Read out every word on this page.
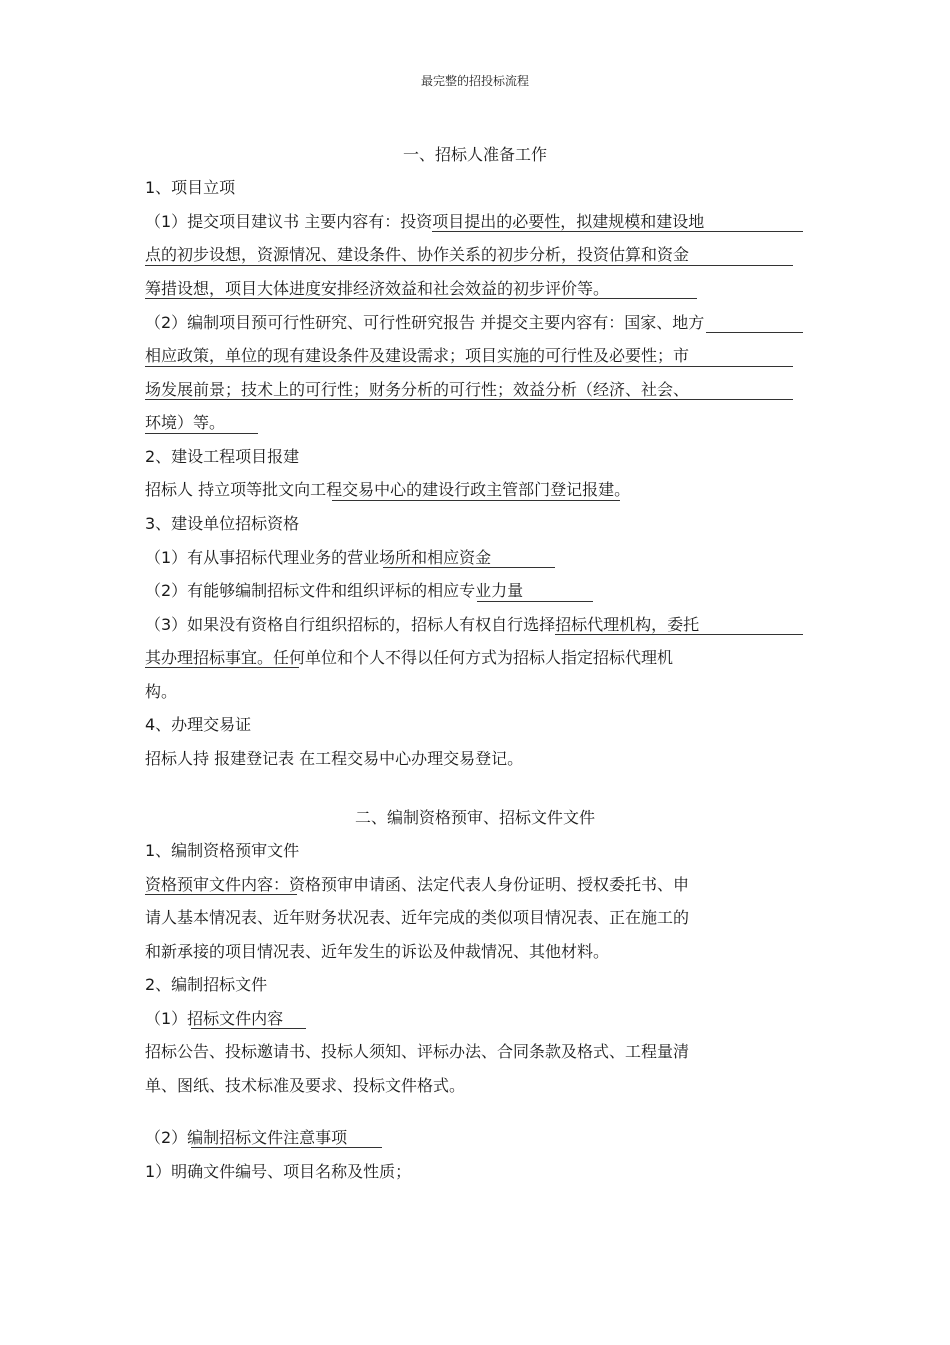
最完整的招投标流程
一、招标人准备工作
1、项目立项
（1）提交项目建议书 主要内容有：投资项目提出的必要性，拟建规模和建设地
点的初步设想，资源情况、建设条件、协作关系的初步分析，投资估算和资金
筹措设想，项目大体进度安排经济效益和社会效益的初步评价等。
（2）编制项目预可行性研究、可行性研究报告 并提交主要内容有：国家、地方
相应政策，单位的现有建设条件及建设需求；项目实施的可行性及必要性；市
场发展前景；技术上的可行性；财务分析的可行性；效益分析（经济、社会、
环境）等。
2、建设工程项目报建
招标人 持立项等批文向工程交易中心的建设行政主管部门登记报建。
3、建设单位招标资格
（1）有从事招标代理业务的营业场所和相应资金
（2）有能够编制招标文件和组织评标的相应专业力量
（3）如果没有资格自行组织招标的，招标人有权自行选择招标代理机构，委托
其办理招标事宜。任何单位和个人不得以任何方式为招标人指定招标代理机
构。
4、办理交易证
招标人持 报建登记表 在工程交易中心办理交易登记。
二、编制资格预审、招标文件文件
1、编制资格预审文件
资格预审文件内容：资格预审申请函、法定代表人身份证明、授权委托书、申
请人基本情况表、近年财务状况表、近年完成的类似项目情况表、正在施工的
和新承接的项目情况表、近年发生的诉讼及仲裁情况、其他材料。
2、编制招标文件
（1）招标文件内容
招标公告、投标邀请书、投标人须知、评标办法、合同条款及格式、工程量清
单、图纸、技术标准及要求、投标文件格式。
（2）编制招标文件注意事项
1）明确文件编号、项目名称及性质；
